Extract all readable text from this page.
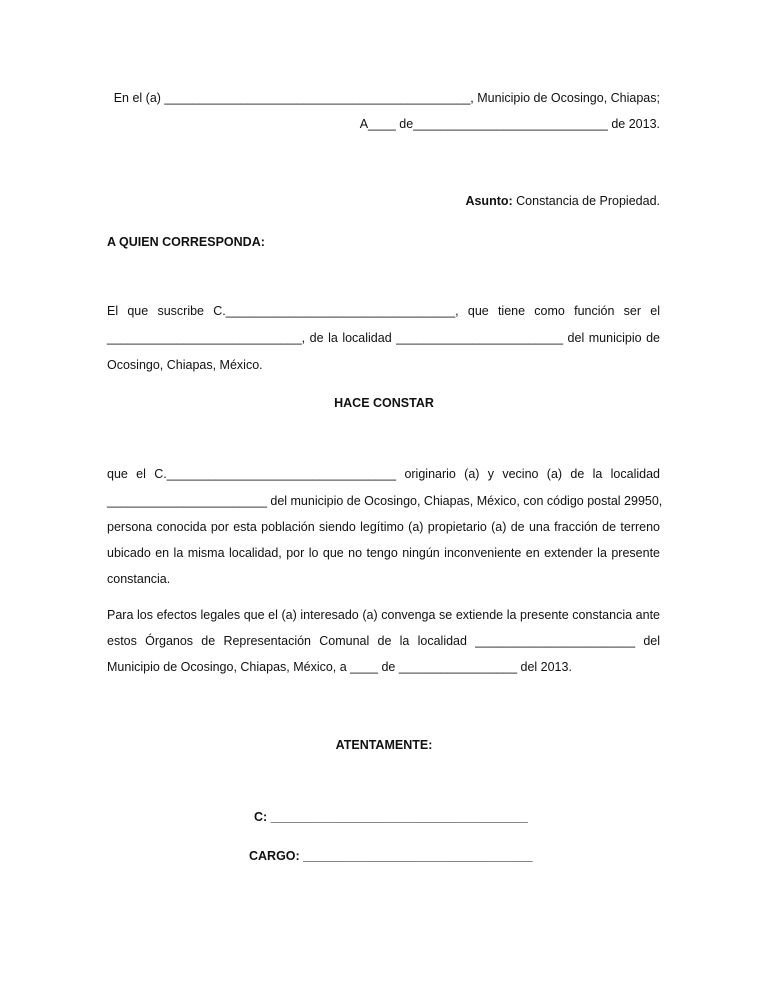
En el (a) ____________________________________________, Municipio de Ocosingo, Chiapas;
A____ de____________________________ de 2013.
Asunto: Constancia de Propiedad.
A QUIEN CORRESPONDA:
El que suscribe C._________________________________, que tiene como función ser el
____________________________, de la localidad ________________________ del municipio de
Ocosingo, Chiapas, México.
HACE CONSTAR
que el C._________________________________ originario (a) y vecino (a) de la localidad
_______________________ del municipio de Ocosingo, Chiapas, México, con código postal 29950,
persona conocida por esta población siendo legítimo (a) propietario (a) de una fracción de terreno
ubicado en la misma localidad, por lo que no tengo ningún inconveniente en extender la presente
constancia.
Para los efectos legales que el (a) interesado (a) convenga se extiende la presente constancia ante
estos Órganos de Representación Comunal de la localidad _______________________ del
Municipio de Ocosingo, Chiapas, México, a ____ de _________________ del 2013.
ATENTAMENTE:
C: _____________________________________
CARGO: _________________________________
